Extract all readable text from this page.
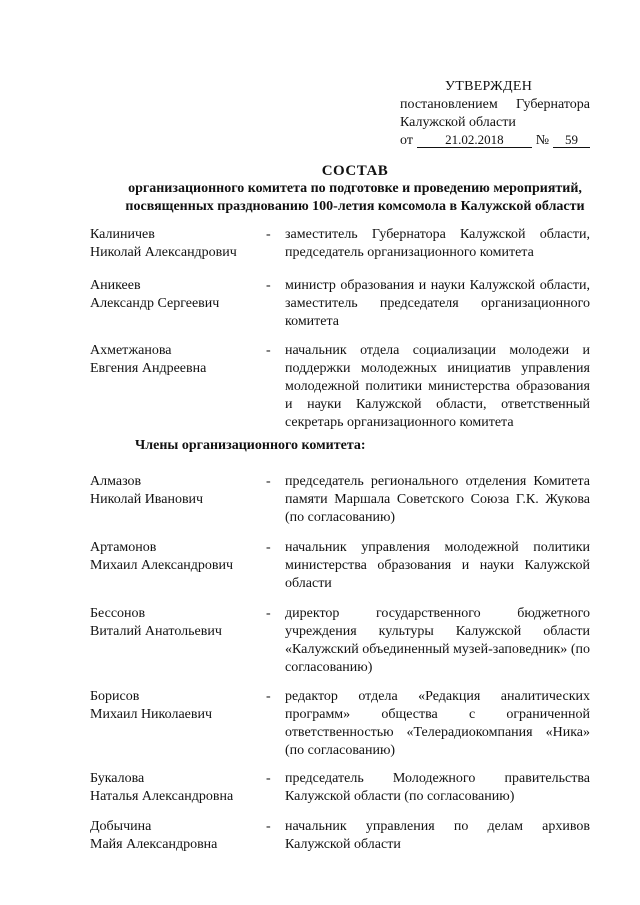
УТВЕРЖДЕН
постановлением Губернатора
Калужской области
от	21.02.2018	№	59
СОСТАВ
организационного комитета по подготовке и проведению мероприятий,
посвященных празднованию 100-летия комсомола в Калужской области
Калиничев
Николай Александрович
- заместитель Губернатора Калужской области, председатель организационного комитета
Аникеев
Александр Сергеевич
- министр образования и науки Калужской области, заместитель председателя организационного комитета
Ахметжанова
Евгения Андреевна
- начальник отдела социализации молодежи и поддержки молодежных инициатив управления молодежной политики министерства образования и науки Калужской области, ответственный секретарь организационного комитета
Члены организационного комитета:
Алмазов
Николай Иванович
- председатель регионального отделения Комитета памяти Маршала Советского Союза Г.К. Жукова (по согласованию)
Артамонов
Михаил Александрович
- начальник управления молодежной политики министерства образования и науки Калужской области
Бессонов
Виталий Анатольевич
- директор государственного бюджетного учреждения культуры Калужской области «Калужский объединенный музей-заповедник» (по согласованию)
Борисов
Михаил Николаевич
- редактор отдела «Редакция аналитических программ» общества с ограниченной ответственностью «Телерадиокомпания «Ника» (по согласованию)
Букалова
Наталья Александровна
- председатель Молодежного правительства Калужской области (по согласованию)
Добычина
Майя Александровна
- начальник управления по делам архивов Калужской области
